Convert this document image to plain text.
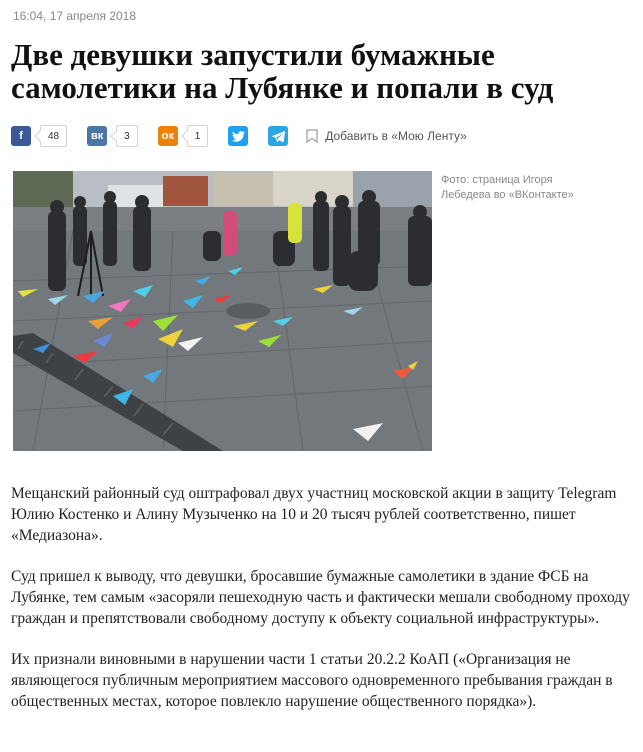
16:04, 17 апреля 2018
Две девушки запустили бумажные самолетики на Лубянке и попали в суд
f	48	вк	3	ок	1	Добавить в «Мою Ленту»
Фото: страница Игоря Лебедева во «ВКонтакте»

Мещанский районный суд оштрафовал двух участниц московской акции в защиту Telegram Юлию Костенко и Алину Музыченко на 10 и 20 тысяч рублей соответственно, пишет «Медиазона».

Суд пришел к выводу, что девушки, бросавшие бумажные самолетики в здание ФСБ на Лубянке, тем самым «засоряли пешеходную часть и фактически мешали свободному проходу граждан и препятствовали свободному доступу к объекту социальной инфраструктуры».

Их признали виновными в нарушении части 1 статьи 20.2.2 КоАП («Организация не являющегося публичным мероприятием массового одновременного пребывания граждан в общественных местах, которое повлекло нарушение общественного порядка»).
